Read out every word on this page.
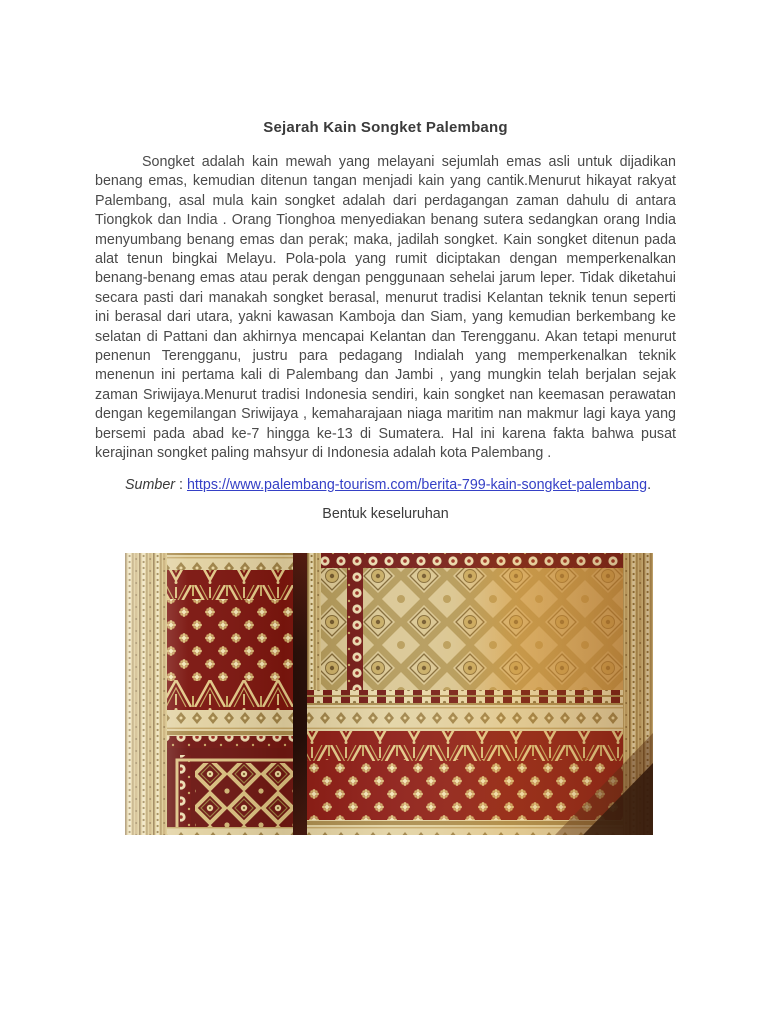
Sejarah Kain Songket Palembang

Songket adalah kain mewah yang melayani sejumlah emas asli untuk dijadikan benang emas, kemudian ditenun tangan menjadi kain yang cantik.Menurut hikayat rakyat Palembang, asal mula kain songket adalah dari perdagangan zaman dahulu di antara Tiongkok dan India . Orang Tionghoa menyediakan benang sutera sedangkan orang India menyumbang benang emas dan perak; maka, jadilah songket. Kain songket ditenun pada alat tenun bingkai Melayu. Pola-pola yang rumit diciptakan dengan memperkenalkan benang-benang emas atau perak dengan penggunaan sehelai jarum leper. Tidak diketahui secara pasti dari manakah songket berasal, menurut tradisi Kelantan teknik tenun seperti ini berasal dari utara, yakni kawasan Kamboja dan Siam, yang kemudian berkembang ke selatan di Pattani dan akhirnya mencapai Kelantan dan Terengganu. Akan tetapi menurut penenun Terengganu, justru para pedagang Indialah yang memperkenalkan teknik menenun ini pertama kali di Palembang dan Jambi , yang mungkin telah berjalan sejak zaman Sriwijaya.Menurut tradisi Indonesia sendiri, kain songket nan keemasan perawatan dengan kegemilangan Sriwijaya , kemaharajaan niaga maritim nan makmur lagi kaya yang bersemi pada abad ke-7 hingga ke-13 di Sumatera. Hal ini karena fakta bahwa pusat kerajinan songket paling mahsyur di Indonesia adalah kota Palembang .

Sumber : https://www.palembang-tourism.com/berita-799-kain-songket-palembang.

Bentuk keseluruhan
